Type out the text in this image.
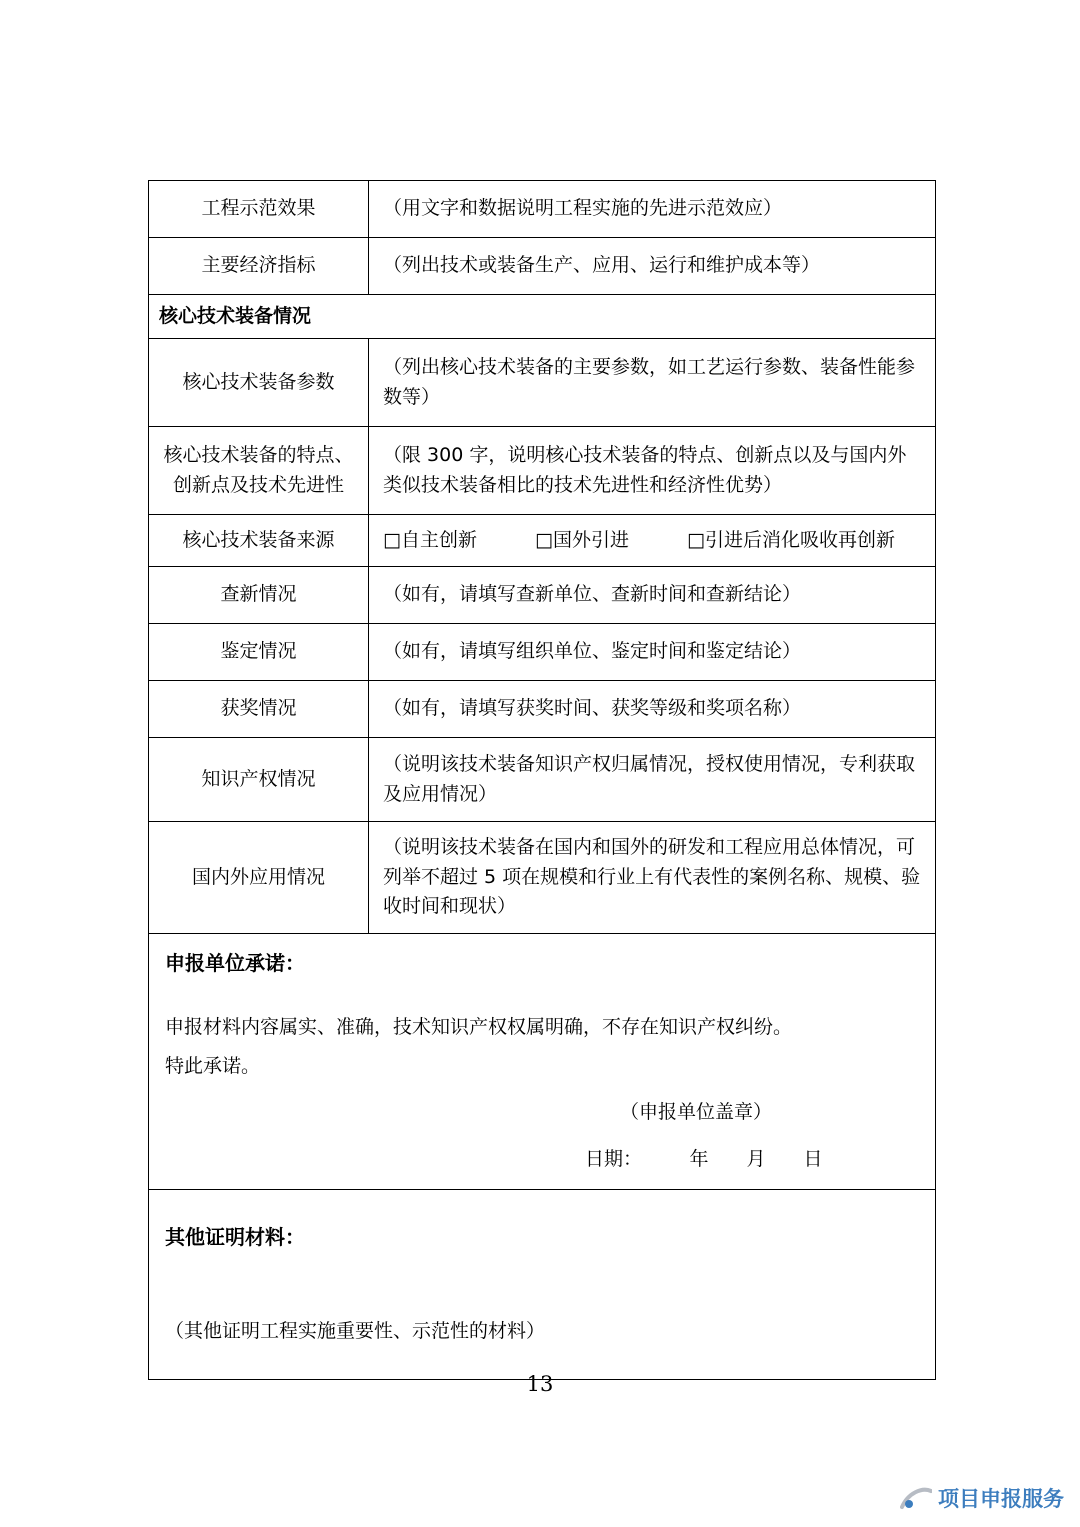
工程示范效果	（用文字和数据说明工程实施的先进示范效应）
主要经济指标	（列出技术或装备生产、应用、运行和维护成本等）
核心技术装备情况	
核心技术装备参数	（列出核心技术装备的主要参数，如工艺运行参数、装备性能参数等）
核心技术装备的特点、创新点及技术先进性	（限 300 字，说明核心技术装备的特点、创新点以及与国内外类似技术装备相比的技术先进性和经济性优势）
核心技术装备来源	□自主创新 □国外引进 □引进后消化吸收再创新
查新情况	（如有，请填写查新单位、查新时间和查新结论）
鉴定情况	（如有，请填写组织单位、鉴定时间和鉴定结论）
获奖情况	（如有，请填写获奖时间、获奖等级和奖项名称）
知识产权情况	（说明该技术装备知识产权归属情况，授权使用情况，专利获取及应用情况）
国内外应用情况	（说明该技术装备在国内和国外的研发和工程应用总体情况，可列举不超过 5 项在规模和行业上有代表性的案例名称、规模、验收时间和现状）

申报单位承诺：
申报材料内容属实、准确，技术知识产权权属明确，不存在知识产权纠纷。
特此承诺。
（申报单位盖章）
日期：　　　年　　月　　日	

其他证明材料：
（其他证明工程实施重要性、示范性的材料）	
13
项目申报服务
